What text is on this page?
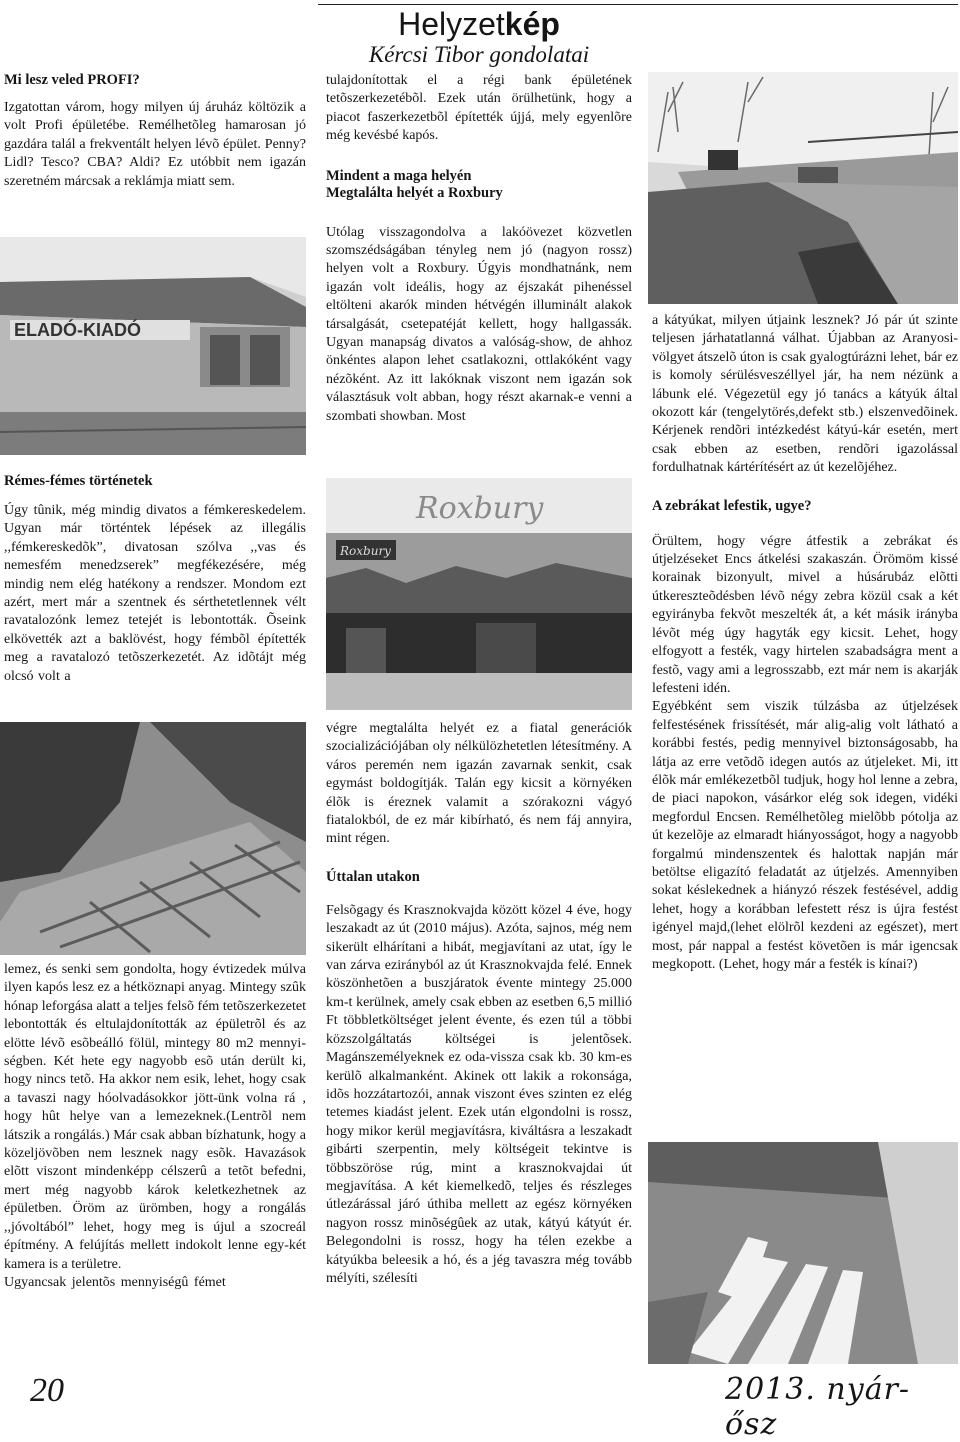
Helyzetkép
Kércsi Tibor gondolatai

Mi lesz veled PROFI?

Izgatottan várom, hogy milyen új áruház költözik a volt Profi épületébe. Remélhetõleg hamarosan jó gazdára talál a frekventált helyen lévõ épület. Penny? Lidl? Tesco? CBA? Aldi? Ez utóbbit nem igazán szeretném márcsak a reklámja miatt sem.

ELADÓ-KIADÓ

Rémes-fémes történetek

Úgy tûnik, még mindig divatos a fémkereskedelem. Ugyan már történtek lépések az illegális ,,fémkereskedõk”, divatosan szólva ,,vas és nemesfém menedzserek” megfékezésére, még mindig nem elég hatékony a rendszer. Mondom ezt azért, mert már a szentnek és sérthetetlennek vélt ravatalozónk lemez tetejét is lebontották. Õseink elkövették azt a baklövést, hogy fémbõl építették meg a ravatalozó tetõszerkezetét. Az idõtájt még olcsó volt a

lemez, és senki sem gondolta, hogy évtizedek múlva ilyen kapós lesz ez a hétköznapi anyag. Mintegy szûk hónap leforgása alatt a teljes felsõ fém tetõszerkezetet lebontották és eltulajdonították az épületrõl és az elötte lévõ esõbeálló fölül, mintegy 80 m2 mennyi-ségben. Két hete egy nagyobb esõ után derült ki, hogy nincs tetõ. Ha akkor nem esik, lehet, hogy csak a tavaszi nagy hóolvadásokkor jött-ünk volna rá , hogy hût helye van a lemezeknek.(Lentrõl nem látszik a rongálás.) Már csak abban bízhatunk, hogy a közeljövõben nem lesznek nagy esõk. Havazások elõtt viszont mindenképp célszerû a tetõt befedni, mert még nagyobb károk keletkezhetnek az épületben. Öröm az ürömben, hogy a rongálás ,,jóvoltából” lehet, hogy meg is újul a szocreál építmény. A felújítás mellett indokolt lenne egy-két kamera is a területre.

Ugyancsak jelentõs mennyiségû fémet

tulajdonítottak el a régi bank épületének tetõszerkezetébõl. Ezek után örülhetünk, hogy a piacot faszerkezetbõl építették újjá, mely egyenlõre még kevésbé kapós.

Mindent a maga helyén

Megtalálta helyét a Roxbury

Utólag visszagondolva a lakóövezet közvetlen szomszédságában tényleg nem jó (nagyon rossz) helyen volt a Roxbury. Úgyis mondhatnánk, nem igazán volt ideális, hogy az éjszakát pihenéssel eltölteni akarók minden hétvégén illuminált alakok társalgását, csetepatéját kellett, hogy hallgassák. Ugyan manapság divatos a valóság-show, de ahhoz önkéntes alapon lehet csatlakozni, ottlakóként vagy nézõként. Az itt lakóknak viszont nem igazán sok választásuk volt abban, hogy részt akarnak-e venni a szombati showban. Most

Roxbury
Roxbury

végre megtalálta helyét ez a fiatal generációk szocializációjában oly nélkülözhetetlen létesítmény. A város peremén nem igazán zavarnak senkit, csak egymást boldogítják. Talán egy kicsit a környéken élõk is éreznek valamit a szórakozni vágyó fiatalokból, de ez már kibírható, és nem fáj annyira, mint régen.

Úttalan utakon

Felsõgagy és Krasznokvajda között közel 4 éve, hogy leszakadt az út (2010 május). Azóta, sajnos, még nem sikerült elhárítani a hibát, megjavítani az utat, így le van zárva ezirányból az út Krasznokvajda felé. Ennek köszönhetõen a buszjáratok évente mintegy 25.000 km-t kerülnek, amely csak ebben az esetben 6,5 millió Ft többletköltséget jelent évente, és ezen túl a többi közszolgáltatás költségei is jelentõsek. Magánszemélyeknek ez oda-vissza csak kb. 30 km-es kerülõ alkalmanként. Akinek ott lakik a rokonsága, idõs hozzátartozói, annak viszont éves szinten ez elég tetemes kiadást jelent. Ezek után elgondolni is rossz, hogy mikor kerül megjavításra, kiváltásra a leszakadt gibárti szerpentin, mely költségeit tekintve is többszöröse rúg, mint a krasznokvajdai út megjavítása. A két kiemelkedõ, teljes és részleges útlezárással járó úthiba mellett az egész környéken nagyon rossz minõségûek az utak, kátyú kátyút ér. Belegondolni is rossz, hogy ha télen ezekbe a kátyúkba beleesik a hó, és a jég tavaszra még tovább mélyíti, szélesíti

a kátyúkat, milyen útjaink lesznek? Jó pár út szinte teljesen járhatatlanná válhat. Újabban az Aranyosi-völgyet átszelõ úton is csak gyalogtúrázni lehet, bár ez is komoly sérülésveszéllyel jár, ha nem nézünk a lábunk elé. Végezetül egy jó tanács a kátyúk által okozott kár (tengelytörés,defekt stb.) elszenvedõinek. Kérjenek rendõri intézkedést kátyú-kár esetén, mert csak ebben az esetben, rendõri igazolással fordulhatnak kártérítésért az út kezelõjéhez.

A zebrákat lefestik, ugye?

Örültem, hogy végre átfestik a zebrákat és útjelzéseket Encs átkelési szakaszán. Örömöm kissé korainak bizonyult, mivel a húsárubáz elõtti útkereszteõdésben lévõ négy zebra közül csak a két egyirányba fekvõt meszelték át, a két másik irányba lévõt még úgy hagyták egy kicsit. Lehet, hogy elfogyott a festék, vagy hirtelen szabadságra ment a festõ, vagy ami a legrosszabb, ezt már nem is akarják lefesteni idén.

Egyébként sem viszik túlzásba az útjelzések felfestésének frissítését, már alig-alig volt látható a korábbi festés, pedig mennyivel biztonságosabb, ha látja az erre vetõdõ idegen autós az útjeleket. Mi, itt élõk már emlékezetbõl tudjuk, hogy hol lenne a zebra, de piaci napokon, vásárkor elég sok idegen, vidéki megfordul Encsen. Remélhetõleg mielõbb pótolja az út kezelõje az elmaradt hiányosságot, hogy a nagyobb forgalmú mindenszentek és halottak napján már betöltse eligazító feladatát az útjelzés. Amennyiben sokat késlekednek a hiányzó részek festésével, addig lehet, hogy a korábban lefestett rész is újra festést igényel majd,(lehet elölrõl kezdeni az egészet), mert most, pár nappal a festést követõen is már igencsak megkopott. (Lehet, hogy már a festék is kínai?)

20	2013. nyár-ősz
